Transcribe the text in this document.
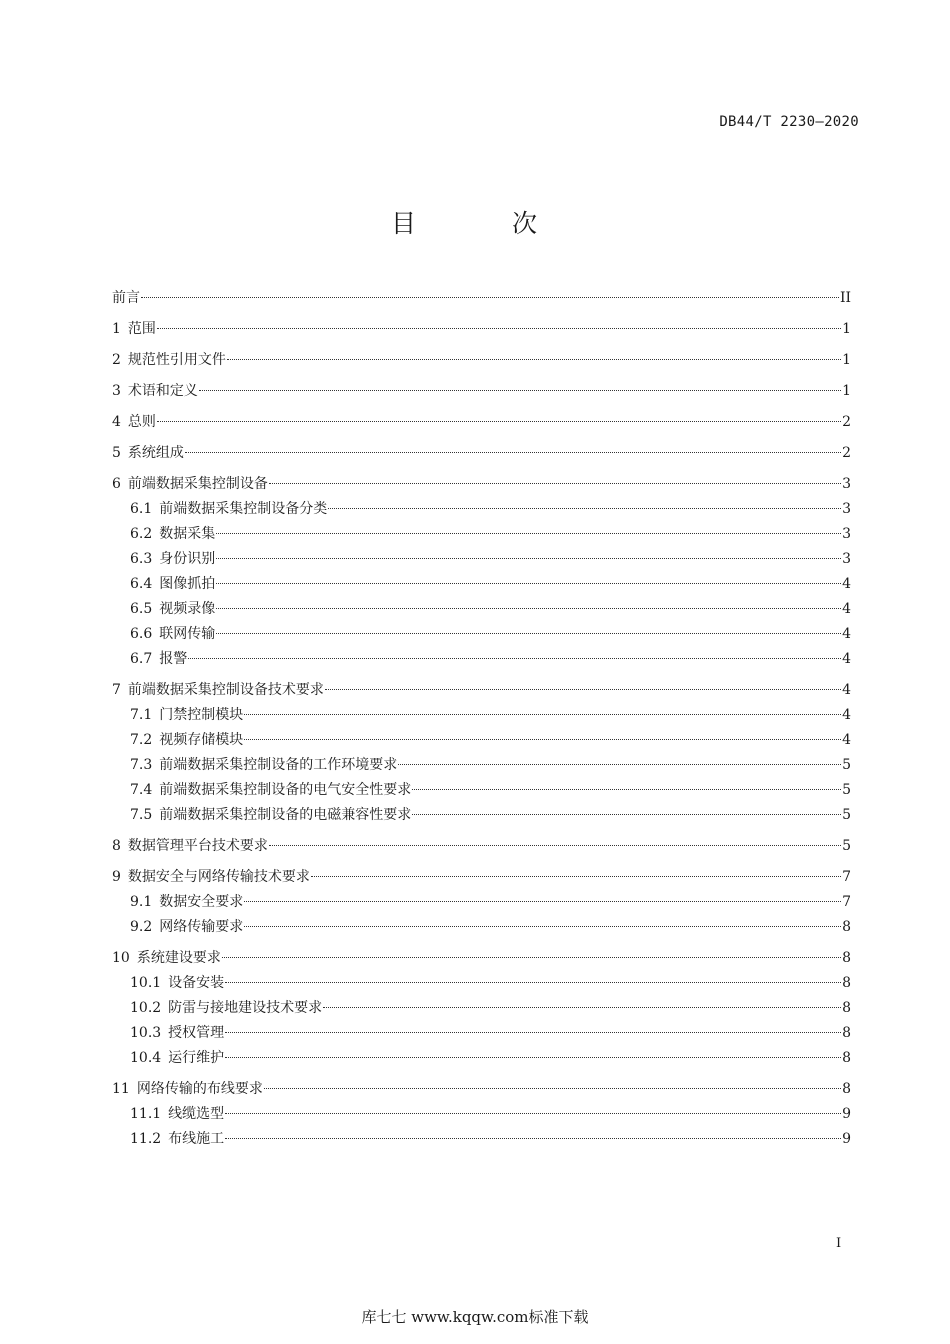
DB44/T 2230—2020
目 次
前言	II
1 范围	1
2 规范性引用文件	1
3 术语和定义	1
4 总则	2
5 系统组成	2
6 前端数据采集控制设备	3
6.1 前端数据采集控制设备分类	3
6.2 数据采集	3
6.3 身份识别	3
6.4 图像抓拍	4
6.5 视频录像	4
6.6 联网传输	4
6.7 报警	4
7 前端数据采集控制设备技术要求	4
7.1 门禁控制模块	4
7.2 视频存储模块	4
7.3 前端数据采集控制设备的工作环境要求	5
7.4 前端数据采集控制设备的电气安全性要求	5
7.5 前端数据采集控制设备的电磁兼容性要求	5
8 数据管理平台技术要求	5
9 数据安全与网络传输技术要求	7
9.1 数据安全要求	7
9.2 网络传输要求	8
10 系统建设要求	8
10.1 设备安装	8
10.2 防雷与接地建设技术要求	8
10.3 授权管理	8
10.4 运行维护	8
11 网络传输的布线要求	8
11.1 线缆选型	9
11.2 布线施工	9
I
库七七 www.kqqw.com标准下载
